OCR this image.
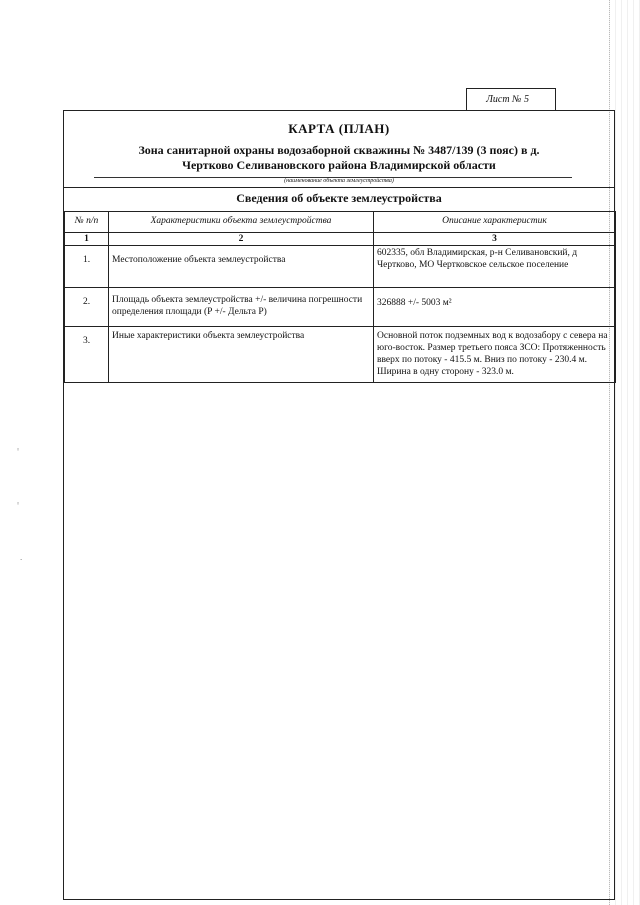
◦
◦
·
Лист № 5
КАРТА (ПЛАН)
Зона санитарной охраны водозаборной скважины № 3487/139 (3 пояс) в д.
Чертково Селивановского района Владимирской области
(наименование объекта землеустройства)
Сведения об объекте землеустройства
№ п/п	Характеристики объекта землеустройства	Описание характеристик
1	2	3
1.	Местоположение объекта землеустройства	602335, обл Владимирская, р-н Селивановский, д Чертково, МО Чертковское сельское поселение
2.	Площадь объекта землеустройства +/- величина погрешности определения площади (P +/- Дельта P)	326888 +/- 5003 м²
3.	Иные характеристики объекта землеустройства	Основной поток подземных вод к водозабору с севера на юго-восток. Размер третьего пояса ЗСО: Протяженность вверх по потоку - 415.5 м. Вниз по потоку - 230.4 м. Ширина в одну сторону - 323.0 м.
